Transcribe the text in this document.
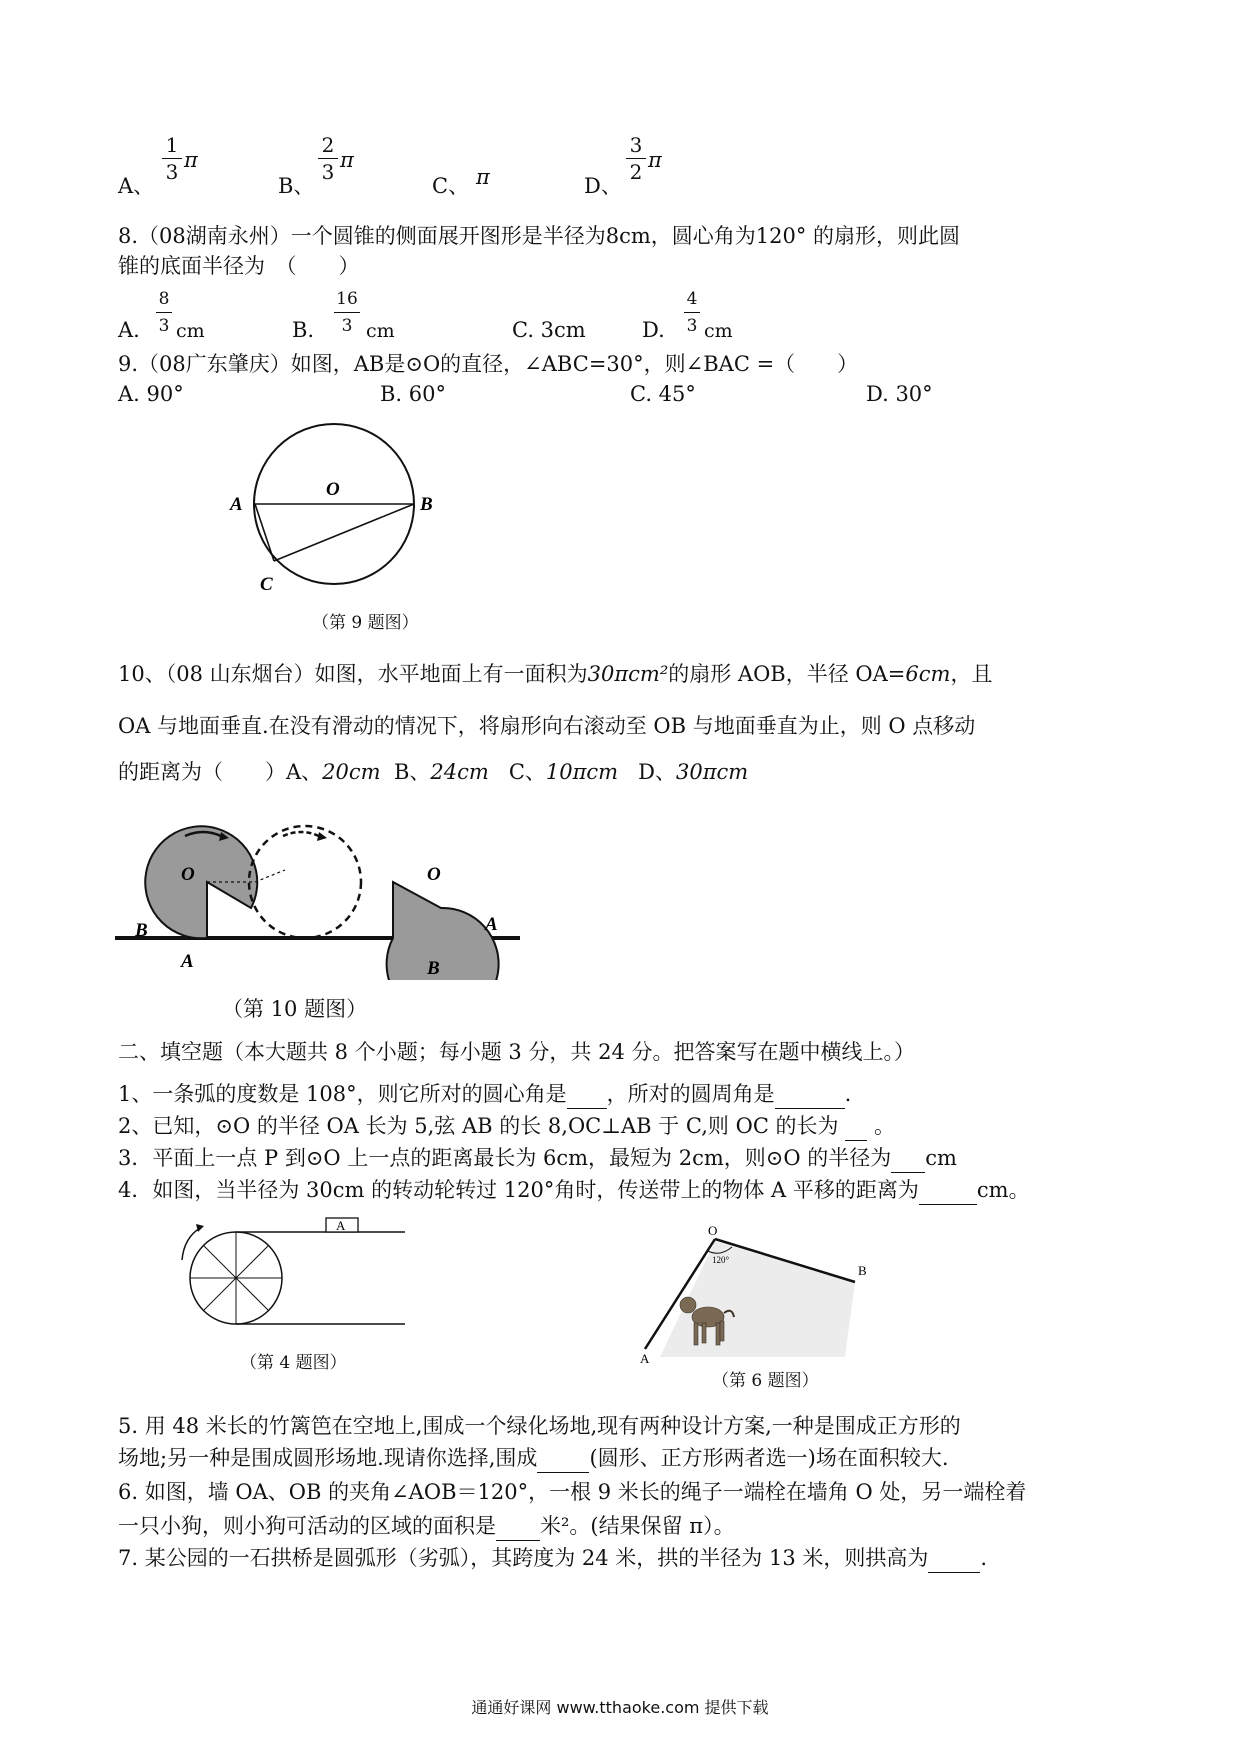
A、
1
3 π
B、
2
3 π
C、 π	D、
3
2 π
8.（08湖南永州）一个圆锥的侧面展开图形是半径为8cm，圆心角为120° 的扇形，则此圆
锥的底面半径为　（　　）
A.
8
3 cm	B.
16
3 cm	C. 3cm	D.
4
3 cm
9.（08广东肇庆）如图，AB是⊙O的直径，∠ABC=30°，则∠BAC =（　　）
A. 90°	B. 60°	C. 45°	D. 30°
O
A	B
C
（第 9 题图）
10、（08 山东烟台）如图，水平地面上有一面积为30πcm²的扇形 AOB，半径 OA=6cm，且
OA 与地面垂直.在没有滑动的情况下，将扇形向右滚动至 OB 与地面垂直为止，则 O 点移动
的距离为（　　）A、20cm B、24cm C、10πcm D、30πcm
O
B
A
O
A
B
（第 10 题图）
二、填空题（本大题共 8 个小题；每小题 3 分，共 24 分。把答案写在题中横线上。）
1、一条弧的度数是 108°，则它所对的圆心角是 ，所对的圆周角是	.
2、已知，⊙O 的半径 OA 长为 5,弦 AB 的长 8,OC⊥AB 于 C,则 OC 的长为 。
3．平面上一点 P 到⊙O 上一点的距离最长为 6cm，最短为 2cm，则⊙O 的半径为 cm
4．如图，当半径为 30cm 的转动轮转过 120°角时，传送带上的物体 A 平移的距离为	cm。
A
（第 4 题图）
O
120°
B
A
（第 6 题图）
5. 用 48 米长的竹篱笆在空地上,围成一个绿化场地,现有两种设计方案,一种是围成正方形的
场地;另一种是围成圆形场地.现请你选择,围成 (圆形、正方形两者选一)场在面积较大.
6. 如图，墙 OA、OB 的夹角∠AOB＝120°，一根 9 米长的绳子一端栓在墙角 O 处，另一端栓着
一只小狗，则小狗可活动的区域的面积是 米²。(结果保留 π）。
7. 某公园的一石拱桥是圆弧形（劣弧），其跨度为 24 米，拱的半径为 13 米，则拱高为 .
通通好课网 www.tthaoke.com 提供下载
